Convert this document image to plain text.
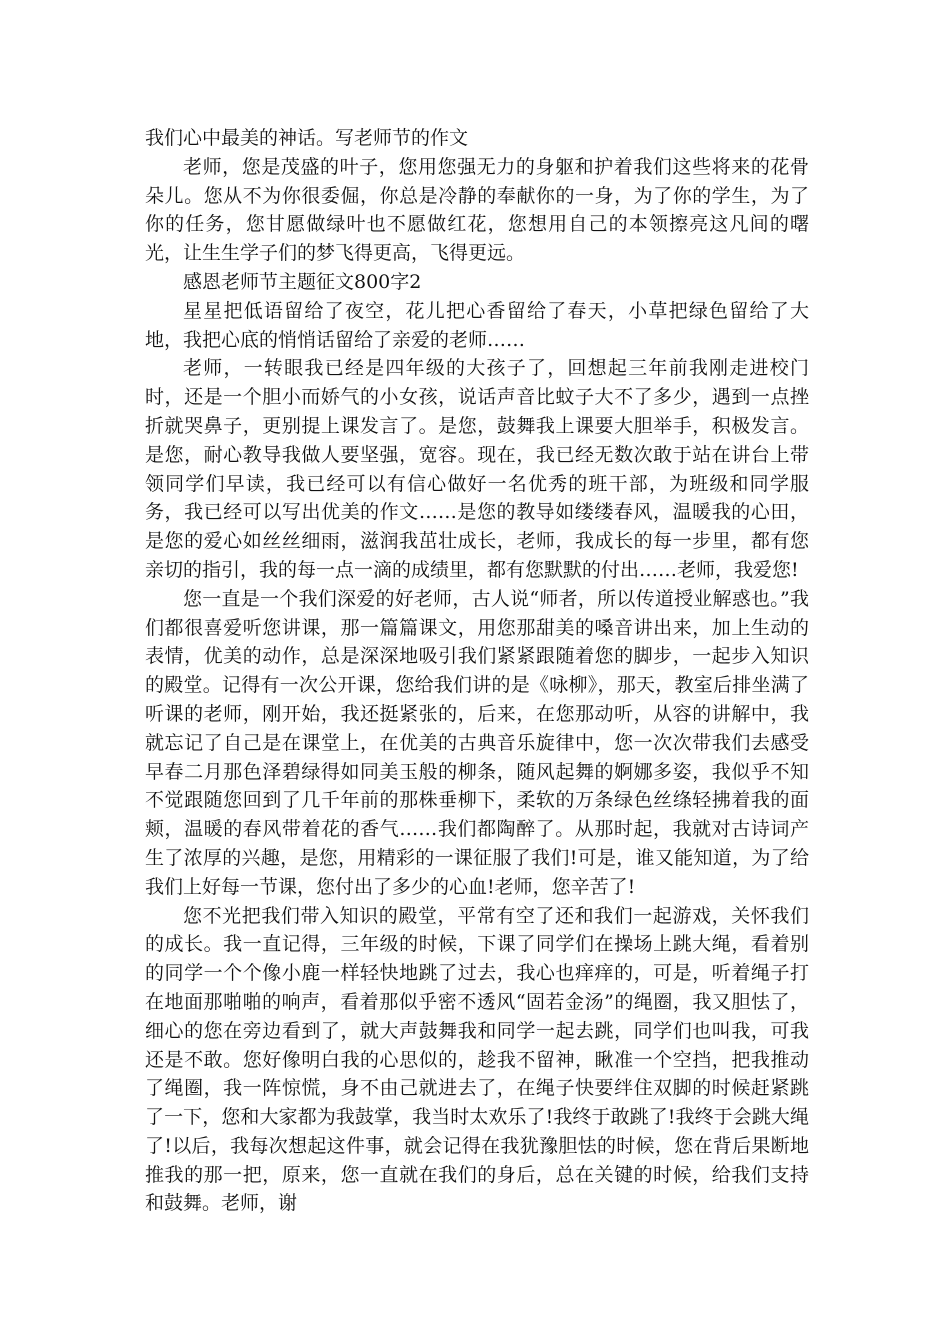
我们心中最美的神话。写老师节的作文

老师，您是茂盛的叶子，您用您强无力的身躯和护着我们这些将来的花骨朵儿。您从不为你很委倔，你总是冷静的奉献你的一身，为了你的学生，为了你的任务，您甘愿做绿叶也不愿做红花，您想用自己的本领擦亮这凡间的曙光，让生生学子们的梦飞得更高，飞得更远。

感恩老师节主题征文800字2

星星把低语留给了夜空，花儿把心香留给了春天，小草把绿色留给了大地，我把心底的悄悄话留给了亲爱的老师……

老师，一转眼我已经是四年级的大孩子了，回想起三年前我刚走进校门时，还是一个胆小而娇气的小女孩，说话声音比蚊子大不了多少，遇到一点挫折就哭鼻子，更别提上课发言了。是您，鼓舞我上课要大胆举手，积极发言。是您，耐心教导我做人要坚强，宽容。现在，我已经无数次敢于站在讲台上带领同学们早读，我已经可以有信心做好一名优秀的班干部，为班级和同学服务，我已经可以写出优美的作文……是您的教导如缕缕春风，温暖我的心田，是您的爱心如丝丝细雨，滋润我茁壮成长，老师，我成长的每一步里，都有您亲切的指引，我的每一点一滴的成绩里，都有您默默的付出……老师，我爱您!

您一直是一个我们深爱的好老师，古人说“师者，所以传道授业解惑也。”我们都很喜爱听您讲课，那一篇篇课文，用您那甜美的嗓音讲出来，加上生动的表情，优美的动作，总是深深地吸引我们紧紧跟随着您的脚步，一起步入知识的殿堂。记得有一次公开课，您给我们讲的是《咏柳》，那天，教室后排坐满了听课的老师，刚开始，我还挺紧张的，后来，在您那动听，从容的讲解中，我就忘记了自己是在课堂上，在优美的古典音乐旋律中，您一次次带我们去感受早春二月那色泽碧绿得如同美玉般的柳条，随风起舞的婀娜多姿，我似乎不知不觉跟随您回到了几千年前的那株垂柳下，柔软的万条绿色丝绦轻拂着我的面颊，温暖的春风带着花的香气……我们都陶醉了。从那时起，我就对古诗词产生了浓厚的兴趣，是您，用精彩的一课征服了我们!可是，谁又能知道，为了给我们上好每一节课，您付出了多少的心血!老师，您辛苦了!

您不光把我们带入知识的殿堂，平常有空了还和我们一起游戏，关怀我们的成长。我一直记得，三年级的时候，下课了同学们在操场上跳大绳，看着别的同学一个个像小鹿一样轻快地跳了过去，我心也痒痒的，可是，听着绳子打在地面那啪啪的响声，看着那似乎密不透风“固若金汤”的绳圈，我又胆怯了，细心的您在旁边看到了，就大声鼓舞我和同学一起去跳，同学们也叫我，可我还是不敢。您好像明白我的心思似的，趁我不留神，瞅准一个空挡，把我推动了绳圈，我一阵惊慌，身不由己就进去了，在绳子快要绊住双脚的时候赶紧跳了一下，您和大家都为我鼓掌，我当时太欢乐了!我终于敢跳了!我终于会跳大绳了!以后，我每次想起这件事，就会记得在我犹豫胆怯的时候，您在背后果断地推我的那一把，原来，您一直就在我们的身后，总在关键的时候，给我们支持和鼓舞。老师，谢
